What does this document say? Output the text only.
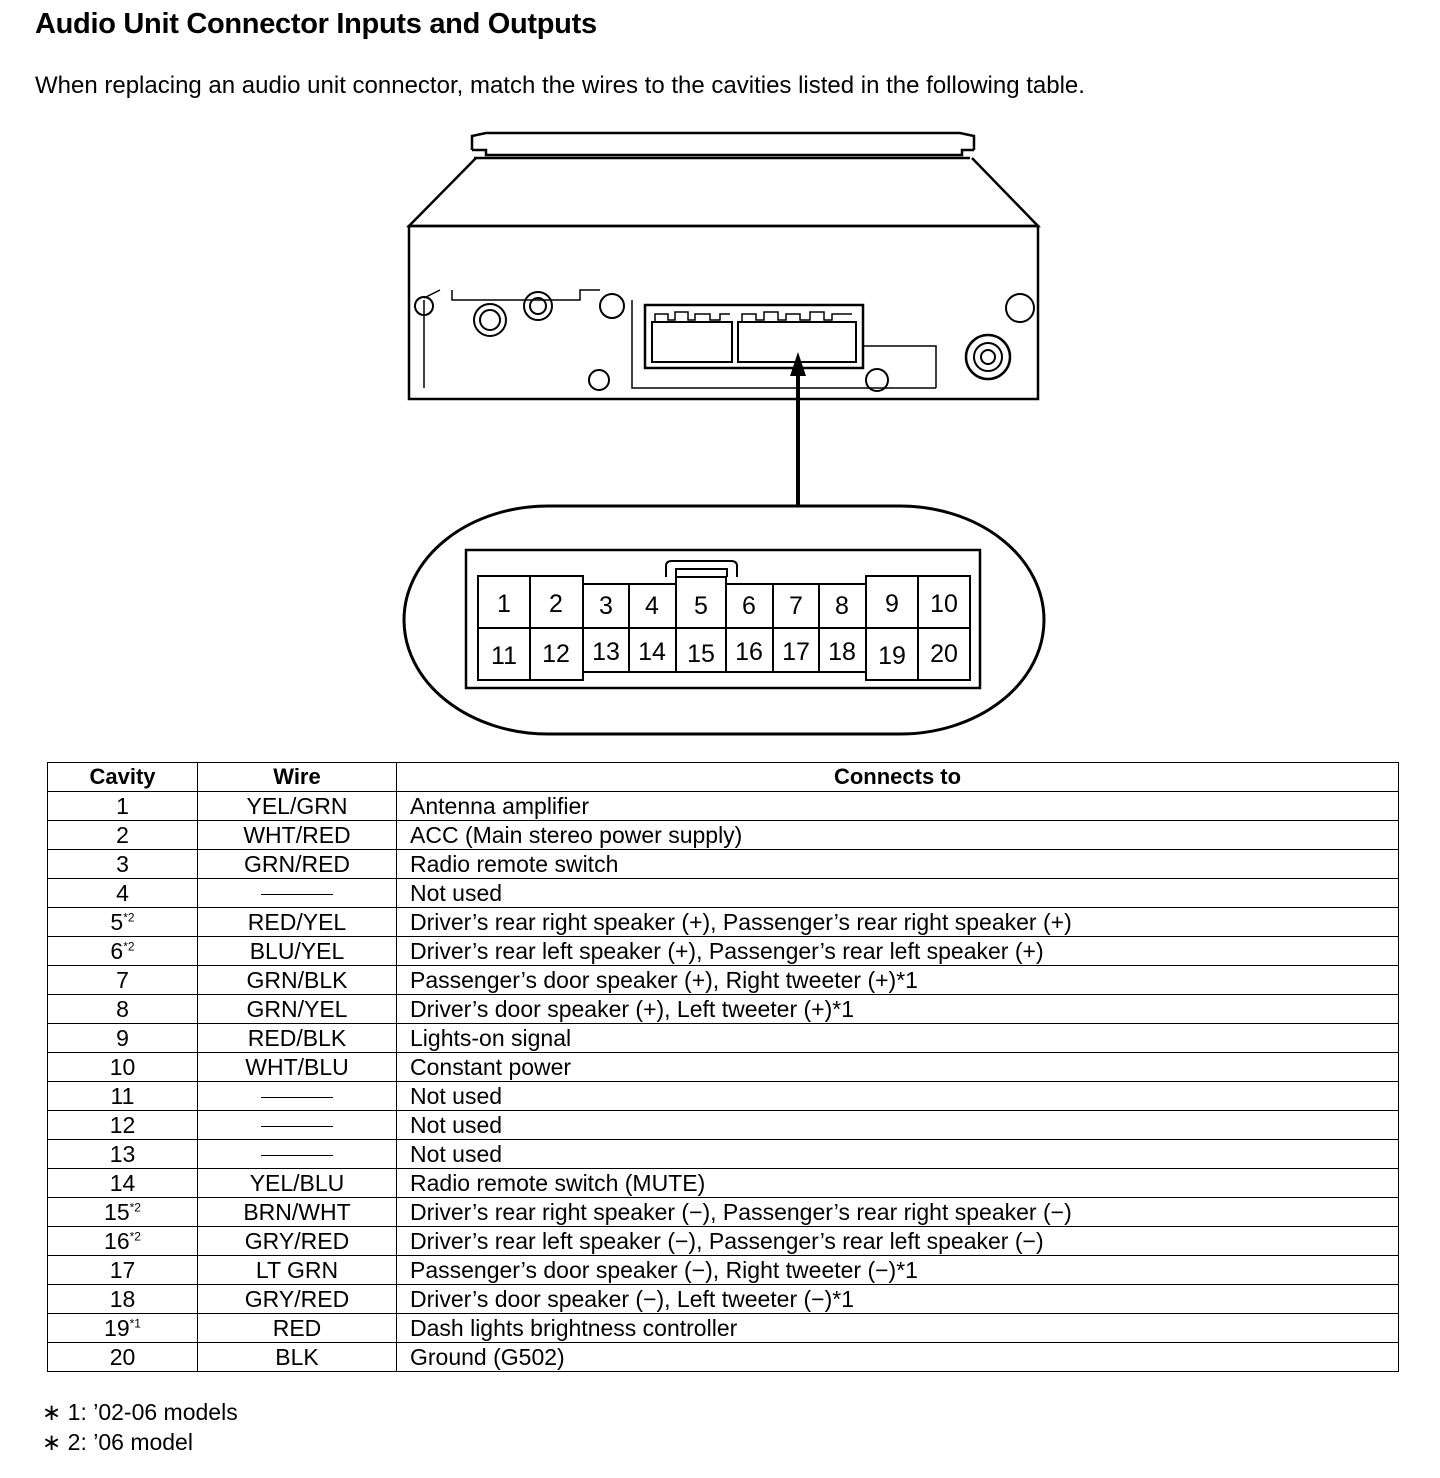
Audio Unit Connector Inputs and Outputs

When replacing an audio unit connector, match the wires to the cavities listed in the following table.

1 2 3 4 5 6 7 8 9 10
11 12 13 14 15 16 17 18 19 20
Cavity	Wire	Connects to
1	YEL/GRN	Antenna amplifier
2	WHT/RED	ACC (Main stereo power supply)
3	GRN/RED	Radio remote switch
4		Not used
5$^{*2}$	RED/YEL	Driver’s rear right speaker (+), Passenger’s rear right speaker (+)
6$^{*2}$	BLU/YEL	Driver’s rear left speaker (+), Passenger’s rear left speaker (+)
7	GRN/BLK	Passenger’s door speaker (+), Right tweeter (+)*1
8	GRN/YEL	Driver’s door speaker (+), Left tweeter (+)*1
9	RED/BLK	Lights-on signal
10	WHT/BLU	Constant power
11		Not used
12		Not used
13		Not used
14	YEL/BLU	Radio remote switch (MUTE)
15$^{*2}$	BRN/WHT	Driver’s rear right speaker (−), Passenger’s rear right speaker (−)
16$^{*2}$	GRY/RED	Driver’s rear left speaker (−), Passenger’s rear left speaker (−)
17	LT GRN	Passenger’s door speaker (−), Right tweeter (−)*1
18	GRY/RED	Driver’s door speaker (−), Left tweeter (−)*1
19$^{*1}$	RED	Dash lights brightness controller
20	BLK	Ground (G502)
∗ 1: ’02-06 models
∗ 2: ’06 model
